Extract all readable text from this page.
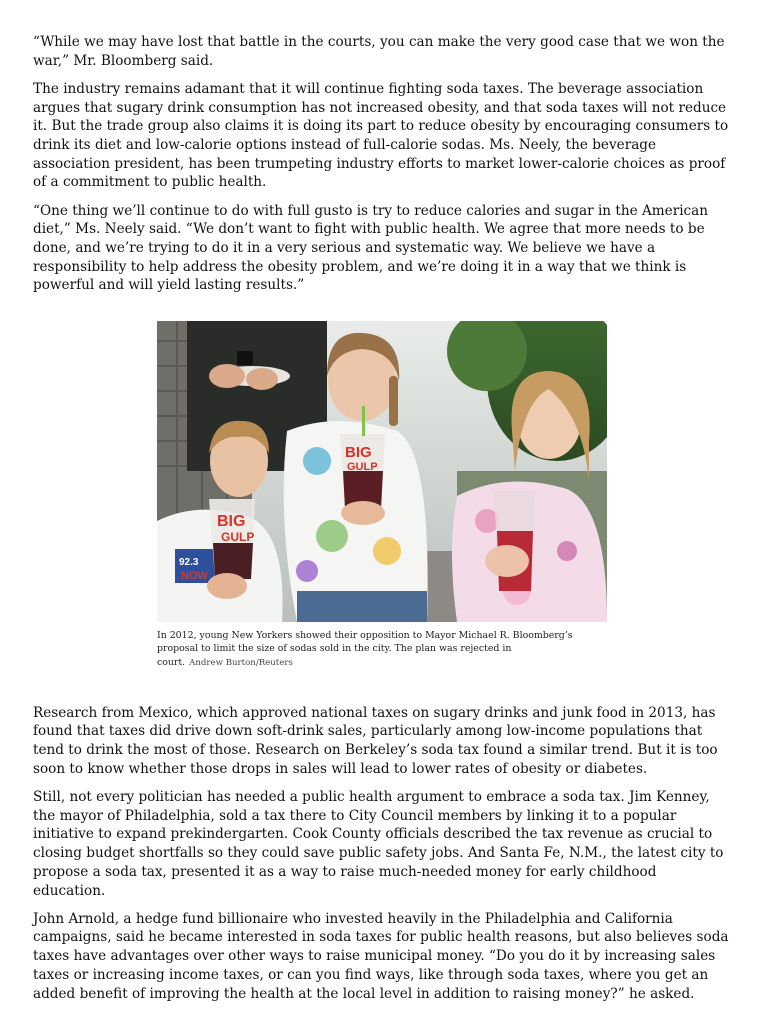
“While we may have lost that battle in the courts, you can make the very good case that we won the war,” Mr. Bloomberg said.

The industry remains adamant that it will continue fighting soda taxes. The beverage association argues that sugary drink consumption has not increased obesity, and that soda taxes will not reduce it. But the trade group also claims it is doing its part to reduce obesity by encouraging consumers to drink its diet and low-calorie options instead of full-calorie sodas. Ms. Neely, the beverage association president, has been trumpeting industry efforts to market lower-calorie choices as proof of a commitment to public health.

“One thing we’ll continue to do with full gusto is try to reduce calories and sugar in the American diet,” Ms. Neely said. “We don’t want to fight with public health. We agree that more needs to be done, and we’re trying to do it in a very serious and systematic way. We believe we have a responsibility to help address the obesity problem, and we’re doing it in a way that we think is powerful and will yield lasting results.”

92.3
NOW
BIG
GULP
BIG
GULP
In 2012, young New Yorkers showed their opposition to Mayor Michael R. Bloomberg’s proposal to limit the size of sodas sold in the city. The plan was rejected in court. Andrew Burton/Reuters

Research from Mexico, which approved national taxes on sugary drinks and junk food in 2013, has found that taxes did drive down soft-drink sales, particularly among low-income populations that tend to drink the most of those. Research on Berkeley’s soda tax found a similar trend. But it is too soon to know whether those drops in sales will lead to lower rates of obesity or diabetes.

Still, not every politician has needed a public health argument to embrace a soda tax. Jim Kenney, the mayor of Philadelphia, sold a tax there to City Council members by linking it to a popular initiative to expand prekindergarten. Cook County officials described the tax revenue as crucial to closing budget shortfalls so they could save public safety jobs. And Santa Fe, N.M., the latest city to propose a soda tax, presented it as a way to raise much-needed money for early childhood education.

John Arnold, a hedge fund billionaire who invested heavily in the Philadelphia and California campaigns, said he became interested in soda taxes for public health reasons, but also believes soda taxes have advantages over other ways to raise municipal money. “Do you do it by increasing sales taxes or increasing income taxes, or can you find ways, like through soda taxes, where you get an added benefit of improving the health at the local level in addition to raising money?” he asked.
